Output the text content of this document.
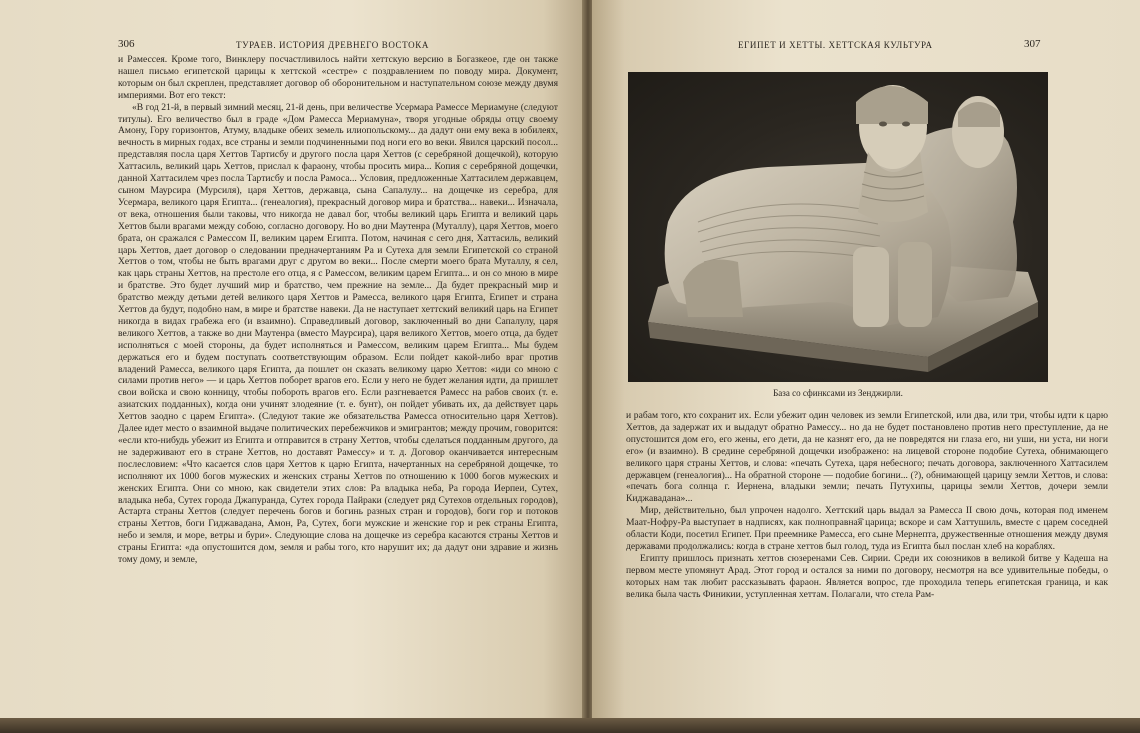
306	ТУРАЕВ. ИСТОРИЯ ДРЕВНЕГО ВОСТОКА

и Рамессея. Кроме того, Винклеру посчастливилось найти хеттскую версию в Богазкеое, где он также нашел письмо египетской царицы к хеттской «сестре» с поздравлением по поводу мира. Документ, которым он был скреплен, представляет договор об оборонительном и наступательном союзе между двумя империями. Вот его текст:

«В год 21-й, в первый зимний месяц, 21-й день, при величестве Усермара Рамессе Мериамуне (следуют титулы). Его величество был в граде «Дом Рамессa Мериамуна», творя угодные обряды отцу своему Амону, Гору горизонтов, Атуму, владыке обеих земель илиопольскому... да дадут они ему века в юбилеях, вечность в мирных годах, все страны и земли подчиненными под ноги его во веки. Явился царский посол... представляя посла царя Хеттов Тартисбу и другого посла царя Хеттов (с серебряной дощечкой), которую Хаттасиль, великий царь Хеттов, прислал к фараону, чтобы просить мира... Копия с серебряной дощечки, данной Хаттасилем чрез посла Тартисбу и посла Рамоса... Условия, предложенные Хаттасилем державцем, сыном Маурсира (Мурсиля), царя Хеттов, державца, сына Сапалулу... на дощечке из серебра, для Усермара, великого царя Египта... (генеалогия), прекрасный договор мира и братства... навеки... Изначала, от века, отношения были таковы, что никогда не давал бог, чтобы великий царь Египта и великий царь Хеттов были врагами между собою, согласно договору. Но во дни Маутенра (Муталлу), царя Хеттов, моего брата, он сражался с Рамессом II, великим царем Египта. Потом, начиная с сего дня, Хаттасиль, великий царь Хеттов, дает договор о следовании предначертаниям Ра и Сутеха для земли Египетской со страной Хеттов о том, чтобы не быть врагами друг с другом во веки... После смерти моего брата Муталлу, я сел, как царь страны Хеттов, на престоле его отца, я с Рамессом, великим царем Египта... и он со мною в мире и братстве. Это будет лучший мир и братство, чем прежние на земле... Да будет прекрасный мир и братство между детьми детей великого царя Хеттов и Рамесса, великого царя Египта, Египет и страна Хеттов да будут, подобно нам, в мире и братстве навеки. Да не наступает хеттский великий царь на Египет никогда в видах грабежа его (и взаимно). Справедливый договор, заключенный во дни Сапалулу, царя великого Хеттов, а также во дни Маутенра (вместо Маурсира), царя великого Хеттов, моего отца, да будет исполняться с моей стороны, да будет исполняться и Рамессом, великим царем Египта... Мы будем держаться его и будем поступать соответствующим образом. Если пойдет какой-либо враг против владений Рамесса, великого царя Египта, да пошлет он сказать великому царю Хеттов: «иди со мною с силами против него» — и царь Хеттов поборет врагов его. Если у него не будет желания идти, да пришлет свои войска и свою конницу, чтобы побороть врагов его. Если разгневается Рамесс на рабов своих (т. е. азиатских подданных), когда они учинят злодеяние (т. е. бунт), он пойдет убивать их, да действует царь Хеттов заодно с царем Египта». (Следуют такие же обязательства Рамесса относительно царя Хеттов). Далее идет место о взаимной выдаче политических перебежчиков и эмигрантов; между прочим, говорится: «если кто-нибудь убежит из Египта и отправится в страну Хеттов, чтобы сделаться подданным другого, да не задерживают его в стране Хеттов, но доставят Рамессу» и т. д. Договор оканчивается интересным послесловием: «Что касается слов царя Хеттов к царю Египта, начертанных на серебряной дощечке, то исполняют их 1000 богов мужеских и женских страны Хеттов по отношению к 1000 богов мужеских и женских Египта. Они со мною, как свидетели этих слов: Ра владыка неба, Ра города Иерпеи, Сутех, владыка неба, Сутех города Джапуранда, Сутех города Пайраки (следует ряд Сутехов отдельных городов), Астарта страны Хеттов (следует перечень богов и богинь разных стран и городов), боги гор и потоков страны Хеттов, боги Гиджавадана, Амон, Ра, Сутех, боги мужские и женские гор и рек страны Египта, небо и земля, и море, ветры и бури». Следующие слова на дощечке из серебра касаются страны Хеттов и страны Египта: «да опустошится дом, земля и рабы того, кто нарушит их; да дадут они здравие и жизнь тому дому, и земле,

ЕГИПЕТ И ХЕТТЫ. ХЕТТСКАЯ КУЛЬТУРА	307
База со сфинксами из Зенджирли.

и рабам того, кто сохранит их. Если убежит один человек из земли Египетской, или два, или три, чтобы идти к царю Хеттов, да задержат их и выдадут обратно Рамессу... но да не будет постановлено против него преступление, да не опустошится дом его, его жены, его дети, да не казнят его, да не повредятся ни глаза его, ни уши, ни уста, ни ноги его» (и взаимно). В средине серебряной дощечки изображено: на лицевой стороне подобие Сутеха, обнимающего великого царя страны Хеттов, и слова: «печать Сутеха, царя небесного; печать договора, заключенного Хаттасилем державцем (генеалогия)... На обратной стороне — подобие богини... (?), обнимающей царицу земли Хеттов, и слова: «печать бога солнца г. Иернена, владыки земли; печать Путухипы, царицы земли Хеттов, дочери земли Киджавадана»...

Мир, действительно, был упрочен надолго. Хеттский царь выдал за Рамесса II свою дочь, которая под именем Маат-Нофру-Ра выступает в надписях, как полноправна͡я царица; вскоре и сам Хаттушиль, вместе с царем соседней области Коди, посетил Египет. При преемнике Рамесса, его сыне Мернепта, дружественные отношения между двумя державами продолжались: когда в стране хеттов был голод, туда из Египта был послан хлеб на кораблях.

Египту пришлось признать хеттов сюзеренами Сев. Сирии. Среди их союзников в великой битве у Кадеша на первом месте упомянут Арад. Этот город и остался за ними по договору, несмотря на все удивительные победы, о которых нам так любит рассказывать фараон. Является вопрос, где проходила теперь египетская граница, и как велика была часть Финикии, уступленная хеттам. Полагали, что стела Рам-
